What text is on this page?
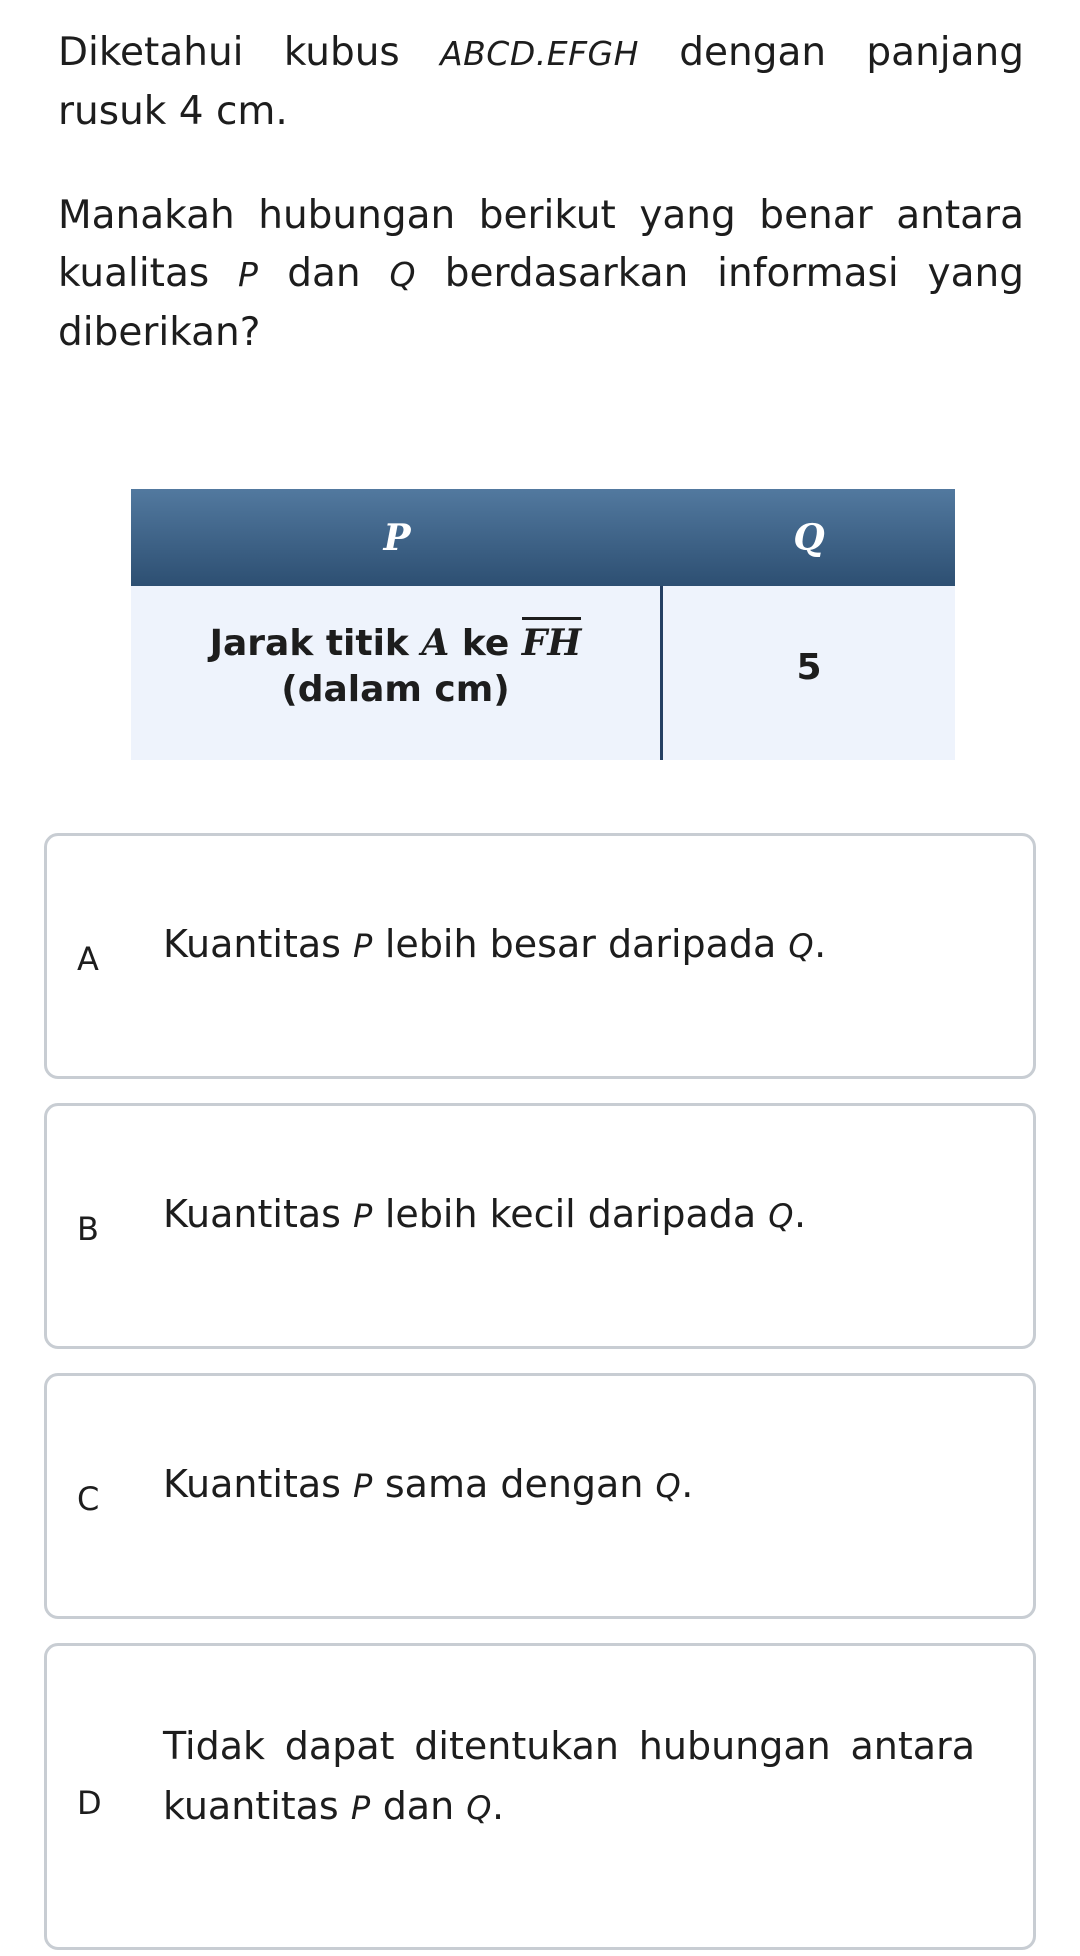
Diketahui kubus ABCD.EFGH dengan panjang rusuk 4 cm.

Manakah hubungan berikut yang benar antara kualitas P dan Q berdasarkan informasi yang diberikan?

P	Q
Jarak titik A ke FH
(dalam cm)
5
A Kuantitas P lebih besar daripada Q.
B Kuantitas P lebih kecil daripada Q.
C Kuantitas P sama dengan Q.
D
Tidak dapat ditentukan hubungan antara kuantitas P dan Q.
